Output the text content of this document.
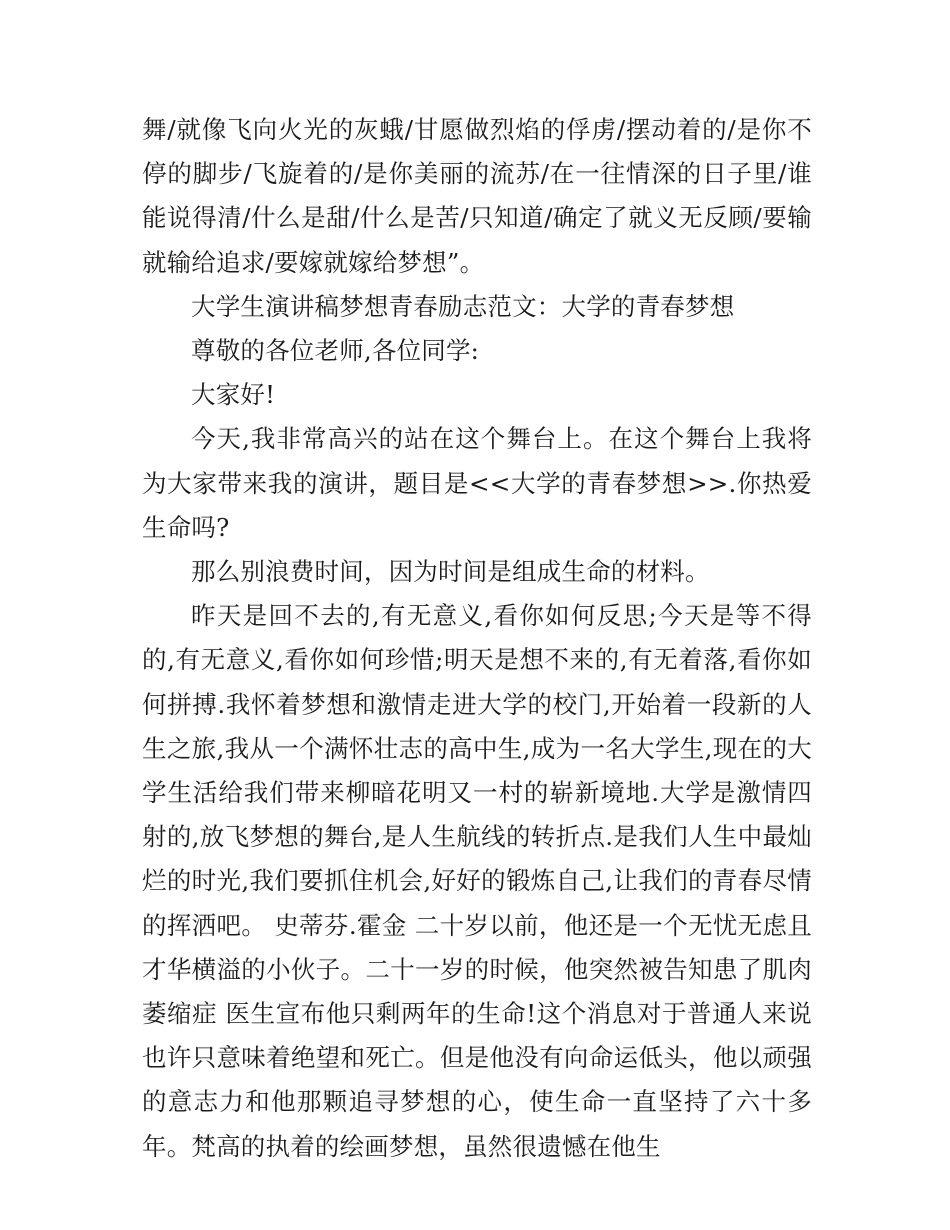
舞/就像飞向火光的灰蛾/甘愿做烈焰的俘虏/摆动着的/是你不停的脚步/飞旋着的/是你美丽的流苏/在一往情深的日子里/谁能说得清/什么是甜/什么是苦/只知道/确定了就义无反顾/要输就输给追求/要嫁就嫁给梦想”。

大学生演讲稿梦想青春励志范文：大学的青春梦想

尊敬的各位老师,各位同学:

大家好!

今天,我非常高兴的站在这个舞台上。在这个舞台上我将为大家带来我的演讲，题目是<<大学的青春梦想>>.你热爱生命吗?

那么别浪费时间，因为时间是组成生命的材料。

昨天是回不去的,有无意义,看你如何反思;今天是等不得的,有无意义,看你如何珍惜;明天是想不来的,有无着落,看你如何拼搏.我怀着梦想和激情走进大学的校门,开始着一段新的人生之旅,我从一个满怀壮志的高中生,成为一名大学生,现在的大学生活给我们带来柳暗花明又一村的崭新境地.大学是激情四射的,放飞梦想的舞台,是人生航线的转折点.是我们人生中最灿烂的时光,我们要抓住机会,好好的锻炼自己,让我们的青春尽情的挥洒吧。 史蒂芬.霍金 二十岁以前，他还是一个无忧无虑且才华横溢的小伙子。二十一岁的时候，他突然被告知患了肌肉萎缩症 医生宣布他只剩两年的生命!这个消息对于普通人来说也许只意味着绝望和死亡。但是他没有向命运低头，他以顽强的意志力和他那颗追寻梦想的心，使生命一直坚持了六十多年。梵高的执着的绘画梦想，虽然很遗憾在他生
